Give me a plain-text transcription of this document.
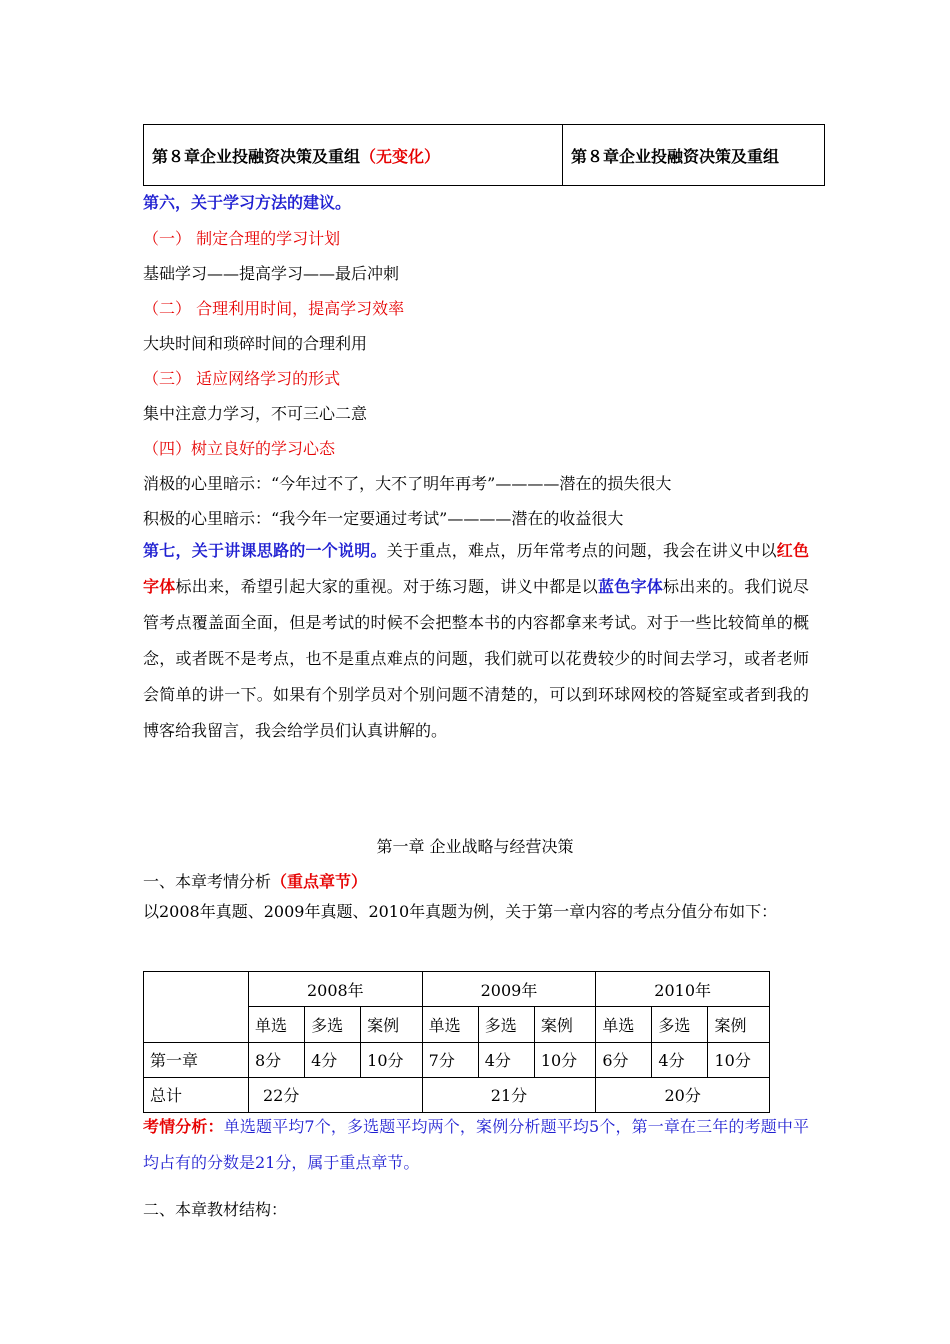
第８章企业投融资决策及重组（无变化）	第８章企业投融资决策及重组
第六，关于学习方法的建议。
（一） 制定合理的学习计划
基础学习——提高学习——最后冲刺
（二） 合理利用时间，提高学习效率
大块时间和琐碎时间的合理利用
（三） 适应网络学习的形式
集中注意力学习，不可三心二意
（四）树立良好的学习心态
消极的心里暗示：“今年过不了，大不了明年再考”————潜在的损失很大
积极的心里暗示：“我今年一定要通过考试”————潜在的收益很大
第七，关于讲课思路的一个说明。关于重点，难点，历年常考点的问题，我会在讲义中以红色字体标出来，希望引起大家的重视。对于练习题，讲义中都是以蓝色字体标出来的。我们说尽管考点覆盖面全面，但是考试的时候不会把整本书的内容都拿来考试。对于一些比较简单的概念，或者既不是考点，也不是重点难点的问题，我们就可以花费较少的时间去学习，或者老师会简单的讲一下。如果有个别学员对个别问题不清楚的，可以到环球网校的答疑室或者到我的博客给我留言，我会给学员们认真讲解的。
第一章 企业战略与经营决策
一、本章考情分析（重点章节）
以2008年真题、2009年真题、2010年真题为例，关于第一章内容的考点分值分布如下：
	2008年			2009年			2010年		
	单选	多选	案例	单选	多选	案例	单选	多选	案例
第一章	8分	4分	10分	7分	4分	10分	6分	4分	10分
总计	22分			21分			20分		
考情分析：单选题平均7个，多选题平均两个，案例分析题平均5个，第一章在三年的考题中平均占有的分数是21分，属于重点章节。
二、本章教材结构：
